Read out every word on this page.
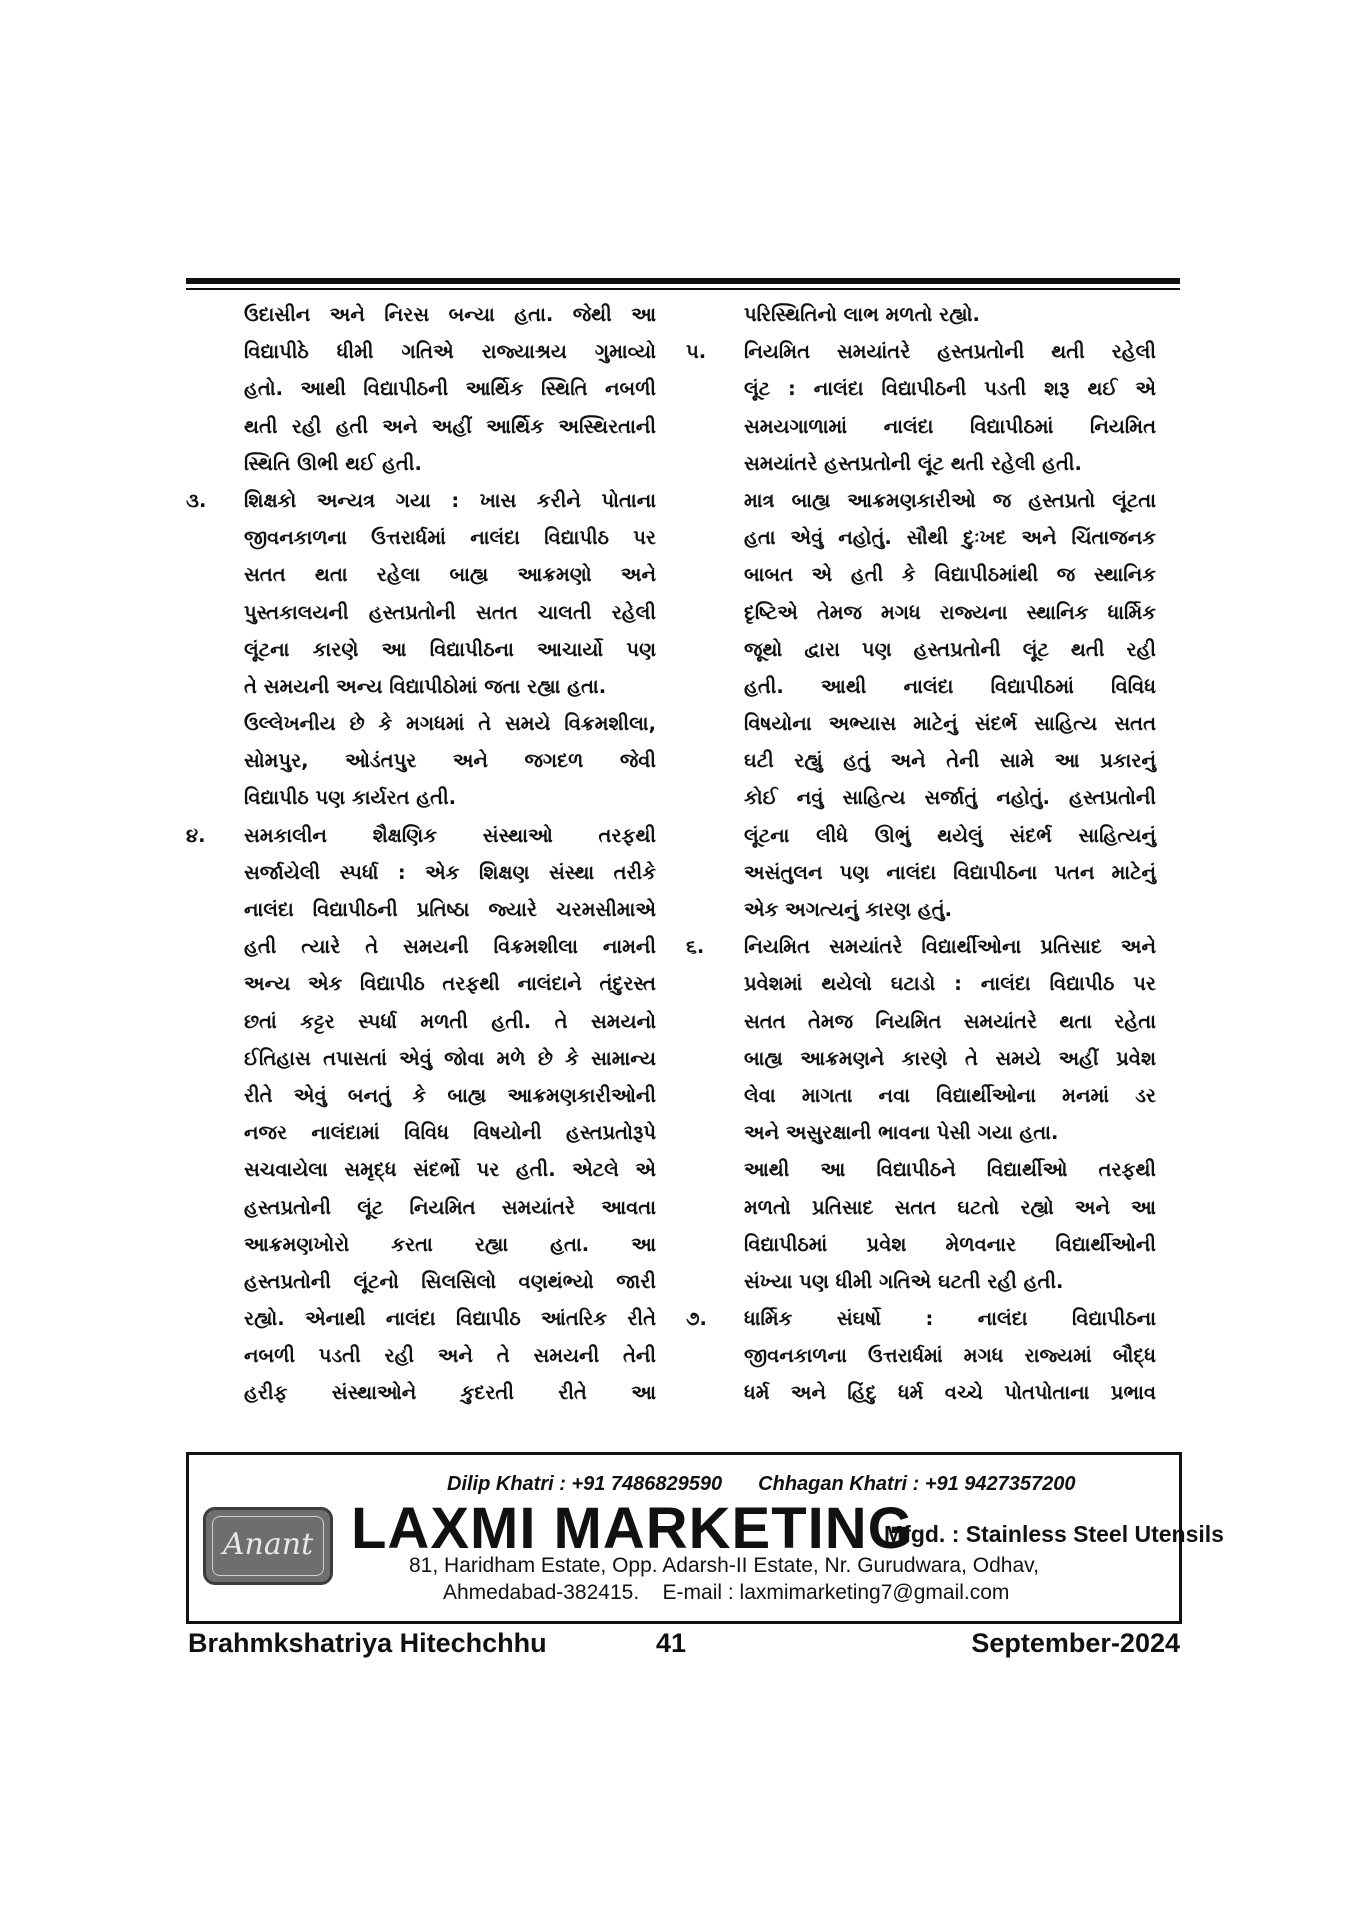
ઉદાસીન અને નિરસ બન્યા હતા. જેથી આ
વિદ્યાપીઠે ધીમી ગતિએ રાજ્યાશ્રય ગુમાવ્યો
હતો. આથી વિદ્યાપીઠની આર્થિક સ્થિતિ નબળી
થતી રહી હતી અને અહીં આર્થિક અસ્થિરતાની
સ્થિતિ ઊભી થઈ હતી.
૩.	શિક્ષકો અન્યત્ર ગયા : ખાસ કરીને પોતાના
જીવનકાળના ઉત્તરાર્ધમાં નાલંદા વિદ્યાપીઠ પર
સતત થતા રહેલા બાહ્ય આક્રમણો અને
પુસ્તકાલયની હસ્તપ્રતોની સતત ચાલતી રહેલી
લૂંટના કારણે આ વિદ્યાપીઠના આચાર્યો પણ
તે સમયની અન્ય વિદ્યાપીઠોમાં જતા રહ્યા હતા.
ઉલ્લેખનીય છે કે મગધમાં તે સમયે વિક્રમશીલા,
સોમપુર, ઓડંતપુર અને જગદળ જેવી
વિદ્યાપીઠ પણ કાર્યરત હતી.
૪.	સમકાલીન શૈક્ષણિક સંસ્થાઓ તરફથી
સર્જાયેલી સ્પર્ધા : એક શિક્ષણ સંસ્થા તરીકે
નાલંદા વિદ્યાપીઠની પ્રતિષ્ઠા જ્યારે ચરમસીમાએ
હતી ત્યારે તે સમયની વિક્રમશીલા નામની
અન્ય એક વિદ્યાપીઠ તરફથી નાલંદાને તંદુરસ્ત
છતાં કટ્ટર સ્પર્ધા મળતી હતી. તે સમયનો
ઈતિહાસ તપાસતાં એવું જોવા મળે છે કે સામાન્ય
રીતે એવું બનતું કે બાહ્ય આક્રમણકારીઓની
નજર નાલંદામાં વિવિધ વિષયોની હસ્તપ્રતોરૂપે
સચવાયેલા સમૃદ્ધ સંદર્ભો પર હતી. એટલે એ
હસ્તપ્રતોની લૂંટ નિયમિત સમયાંતરે આવતા
આક્રમણખોરો કરતા રહ્યા હતા. આ
હસ્તપ્રતોની લૂંટનો સિલસિલો વણથંભ્યો જારી
રહ્યો. એનાથી નાલંદા વિદ્યાપીઠ આંતરિક રીતે
નબળી પડતી રહી અને તે સમયની તેની
હરીફ સંસ્થાઓને કુદરતી રીતે આ
પરિસ્થિતિનો લાભ મળતો રહ્યો.
૫.	નિયમિત સમયાંતરે હસ્તપ્રતોની થતી રહેલી
લૂંટ : નાલંદા વિદ્યાપીઠની પડતી શરૂ થઈ એ
સમયગાળામાં નાલંદા વિદ્યાપીઠમાં નિયમિત
સમયાંતરે હસ્તપ્રતોની લૂંટ થતી રહેલી હતી.
માત્ર બાહ્ય આક્રમણકારીઓ જ હસ્તપ્રતો લૂંટતા
હતા એવું નહોતું. સૌથી દુઃખદ અને ચિંતાજનક
બાબત એ હતી કે વિદ્યાપીઠમાંથી જ સ્થાનિક
દૃષ્ટિએ તેમજ મગધ રાજ્યના સ્થાનિક ધાર્મિક
જૂથો દ્વારા પણ હસ્તપ્રતોની લૂંટ થતી રહી
હતી. આથી નાલંદા વિદ્યાપીઠમાં વિવિધ
વિષયોના અભ્યાસ માટેનું સંદર્ભ સાહિત્ય સતત
ઘટી રહ્યું હતું અને તેની સામે આ પ્રકારનું
કોઈ નવું સાહિત્ય સર્જાતું નહોતું. હસ્તપ્રતોની
લૂંટના લીધે ઊભું થયેલું સંદર્ભ સાહિત્યનું
અસંતુલન પણ નાલંદા વિદ્યાપીઠના પતન માટેનું
એક અગત્યનું કારણ હતું.
૬.	નિયમિત સમયાંતરે વિદ્યાર્થીઓના પ્રતિસાદ અને
પ્રવેશમાં થયેલો ઘટાડો : નાલંદા વિદ્યાપીઠ પર
સતત તેમજ નિયમિત સમયાંતરે થતા રહેતા
બાહ્ય આક્રમણને કારણે તે સમયે અહીં પ્રવેશ
લેવા માગતા નવા વિદ્યાર્થીઓના મનમાં ડર
અને અસુરક્ષાની ભાવના પેસી ગયા હતા.
આથી આ વિદ્યાપીઠને વિદ્યાર્થીઓ તરફથી
મળતો પ્રતિસાદ સતત ઘટતો રહ્યો અને આ
વિદ્યાપીઠમાં પ્રવેશ મેળવનાર વિદ્યાર્થીઓની
સંખ્યા પણ ધીમી ગતિએ ઘટતી રહી હતી.
૭.	ધાર્મિક સંઘર્ષો : નાલંદા વિદ્યાપીઠના
જીવનકાળના ઉત્તરાર્ધમાં મગધ રાજ્યમાં બૌદ્ધ
ધર્મ અને હિંદુ ધર્મ વચ્ચે પોતપોતાના પ્રભાવ
Dilip Khatri : +91 7486829590 Chhagan Khatri : +91 9427357200
Anant LAXMI MARKETING
Mfgd. : Stainless Steel Utensils
81, Haridham Estate, Opp. Adarsh-II Estate, Nr. Gurudwara, Odhav,
Ahmedabad-382415. E-mail : laxmimarketing7@gmail.com
Brahmkshatriya Hitechchhu	41	September-2024
